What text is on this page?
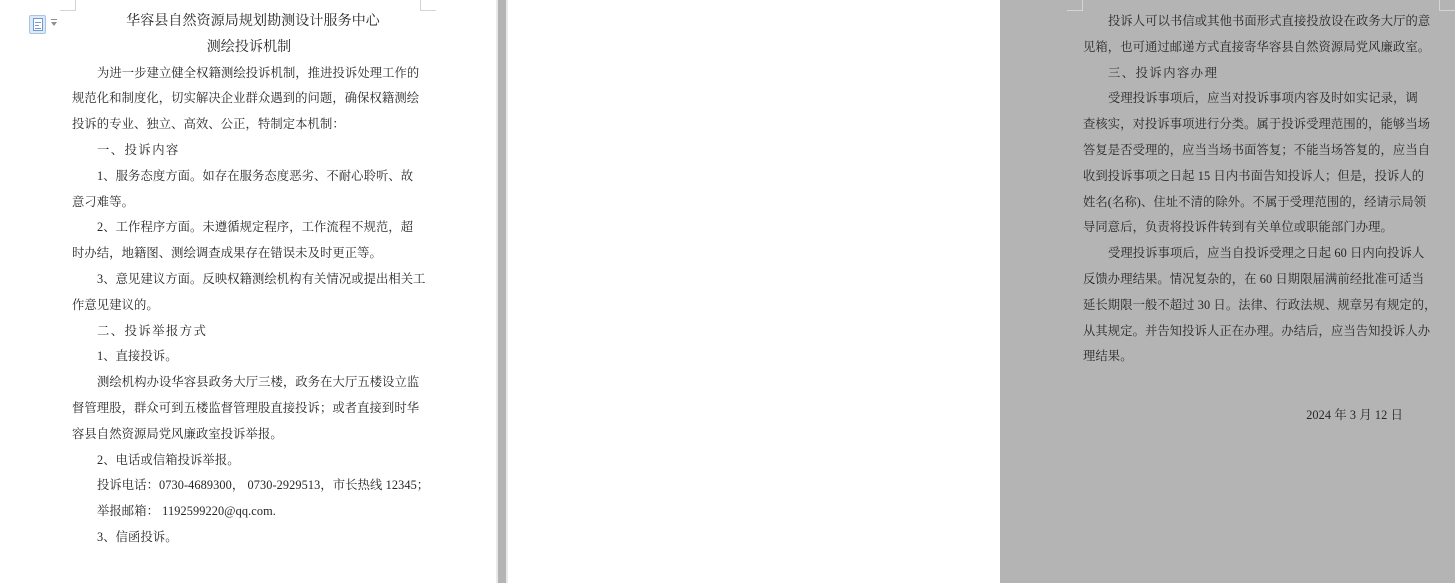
华容县自然资源局规划勘测设计服务中心
测绘投诉机制
为进一步建立健全权籍测绘投诉机制，推进投诉处理工作的
规范化和制度化，切实解决企业群众遇到的问题，确保权籍测绘
投诉的专业、独立、高效、公正，特制定本机制：
一、投诉内容
1、服务态度方面。如存在服务态度恶劣、不耐心聆听、故
意刁难等。
2、工作程序方面。未遵循规定程序，工作流程不规范，超
时办结，地籍图、测绘调查成果存在错误未及时更正等。
3、意见建议方面。反映权籍测绘机构有关情况或提出相关工
作意见建议的。
二、投诉举报方式
1、直接投诉。
测绘机构办设华容县政务大厅三楼，政务在大厅五楼设立监
督管理股，群众可到五楼监督管理股直接投诉；或者直接到时华
容县自然资源局党风廉政室投诉举报。
2、电话或信箱投诉举报。
投诉电话：0730-4689300， 0730-2929513，市长热线 12345；
举报邮箱： 1192599220@qq.com.
3、信函投诉。
投诉人可以书信或其他书面形式直接投放设在政务大厅的意
见箱，也可通过邮递方式直接寄华容县自然资源局党风廉政室。
三、投诉内容办理
受理投诉事项后，应当对投诉事项内容及时如实记录，调
查核实，对投诉事项进行分类。属于投诉受理范围的，能够当场
答复是否受理的，应当当场书面答复；不能当场答复的，应当自
收到投诉事项之日起 15 日内书面告知投诉人；但是，投诉人的
姓名(名称)、住址不清的除外。不属于受理范围的，经请示局领
导同意后，负责将投诉件转到有关单位或职能部门办理。
受理投诉事项后，应当自投诉受理之日起 60 日内向投诉人
反馈办理结果。情况复杂的，在 60 日期限届满前经批准可适当
延长期限一般不超过 30 日。法律、行政法规、规章另有规定的，
从其规定。并告知投诉人正在办理。办结后，应当告知投诉人办
理结果。
2024 年 3 月 12 日
